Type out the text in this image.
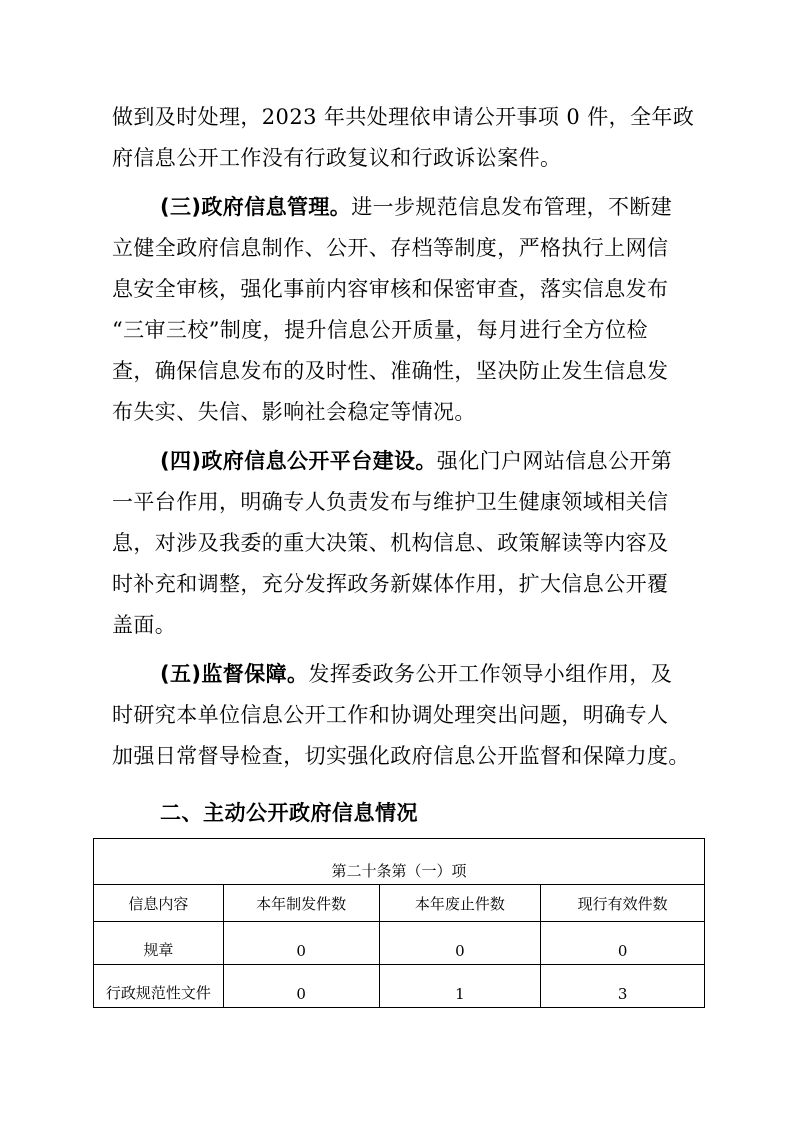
做到及时处理，2023 年共处理依申请公开事项 0 件，全年政
府信息公开工作没有行政复议和行政诉讼案件。
(三)政府信息管理。进一步规范信息发布管理，不断建
立健全政府信息制作、公开、存档等制度，严格执行上网信
息安全审核，强化事前内容审核和保密审查，落实信息发布
“三审三校”制度，提升信息公开质量，每月进行全方位检
查，确保信息发布的及时性、准确性，坚决防止发生信息发
布失实、失信、影响社会稳定等情况。
(四)政府信息公开平台建设。强化门户网站信息公开第
一平台作用，明确专人负责发布与维护卫生健康领域相关信
息，对涉及我委的重大决策、机构信息、政策解读等内容及
时补充和调整，充分发挥政务新媒体作用，扩大信息公开覆
盖面。
(五)监督保障。发挥委政务公开工作领导小组作用，及
时研究本单位信息公开工作和协调处理突出问题，明确专人
加强日常督导检查，切实强化政府信息公开监督和保障力度。
二、主动公开政府信息情况
第二十条第（一）项			
信息内容	本年制发件数	本年废止件数	现行有效件数
规章	0	0	0
行政规范性文件	0	1	3
